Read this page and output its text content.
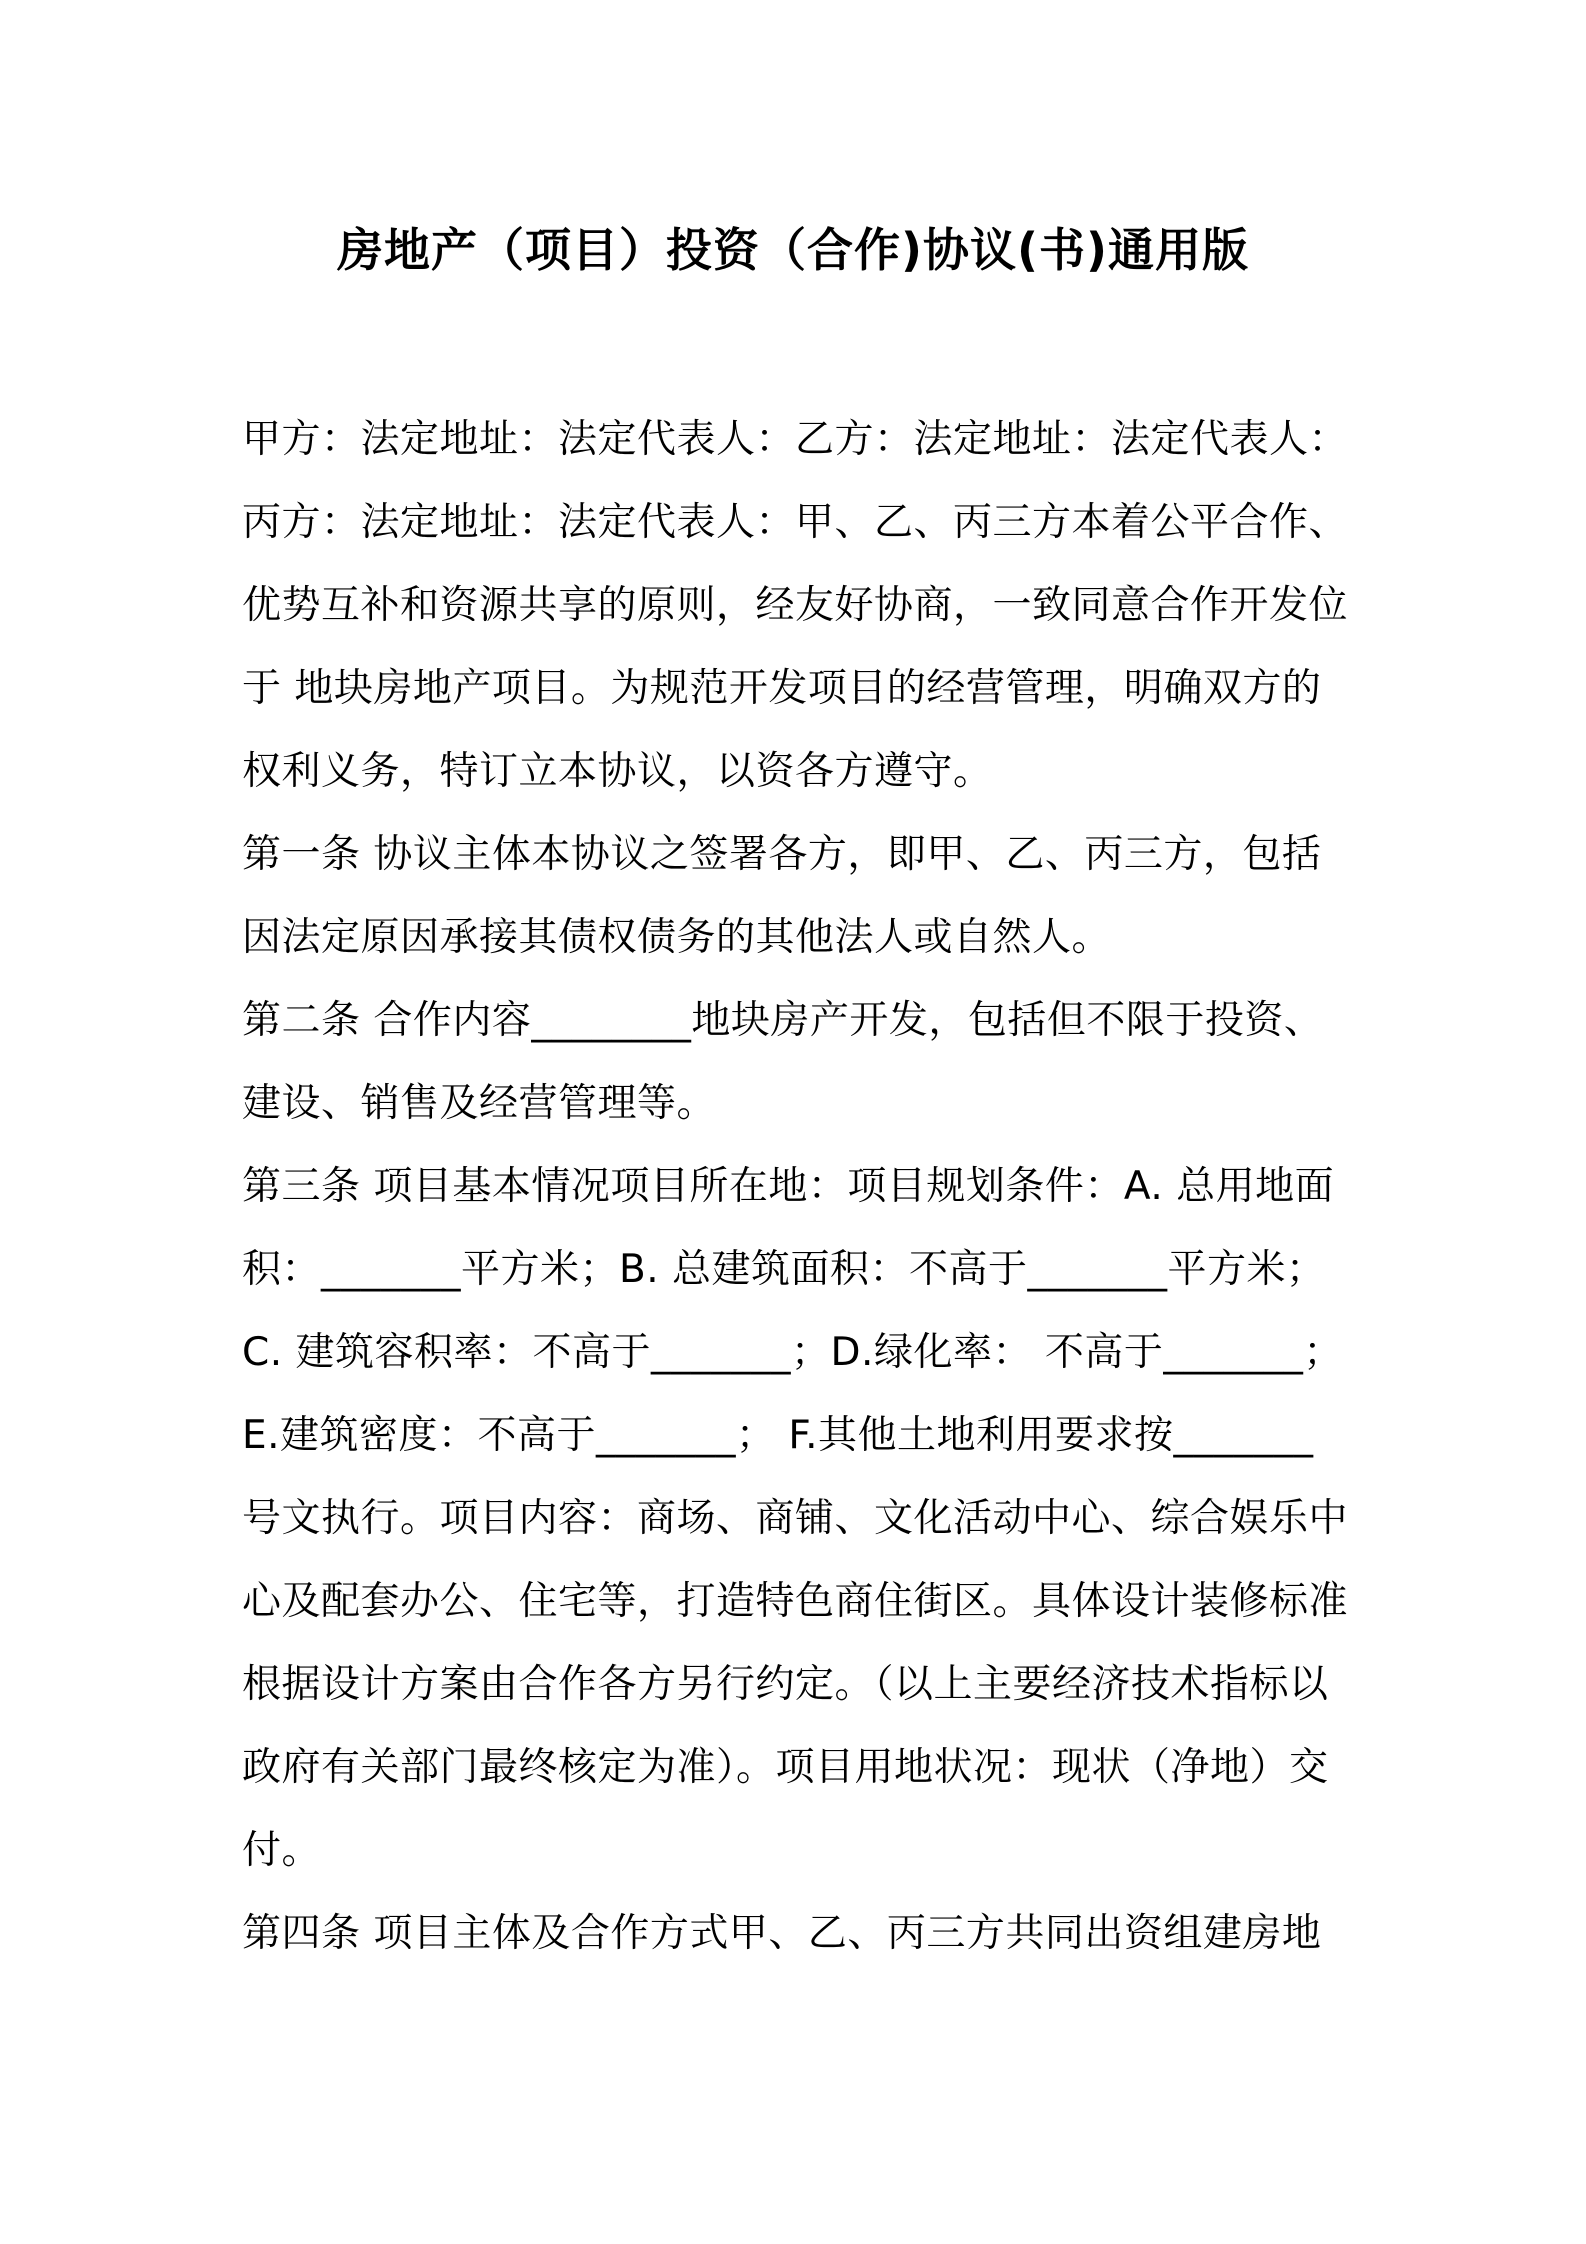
房地产（项目）投资（合作)协议(书)通用版
甲方：法定地址：法定代表人：乙方：法定地址：法定代表人：
丙方：法定地址：法定代表人：甲、乙、丙三方本着公平合作、
优势互补和资源共享的原则，经友好协商，一致同意合作开发位
于 地块房地产项目。为规范开发项目的经营管理，明确双方的
权利义务，特订立本协议，以资各方遵守。
第一条 协议主体本协议之签署各方，即甲、乙、丙三方，包括
因法定原因承接其债权债务的其他法人或自然人。
第二条 合作内容________地块房产开发，包括但不限于投资、
建设、销售及经营管理等。
第三条 项目基本情况项目所在地：项目规划条件：A. 总用地面
积：_______平方米；B. 总建筑面积：不高于_______平方米；
C. 建筑容积率：不高于_______；D.绿化率： 不高于_______；
E.建筑密度：不高于_______； F.其他土地利用要求按_______
号文执行。项目内容：商场、商铺、文化活动中心、综合娱乐中
心及配套办公、住宅等，打造特色商住街区。具体设计装修标准
根据设计方案由合作各方另行约定。（以上主要经济技术指标以
政府有关部门最终核定为准）。项目用地状况：现状（净地）交
付。
第四条 项目主体及合作方式甲、乙、丙三方共同出资组建房地
